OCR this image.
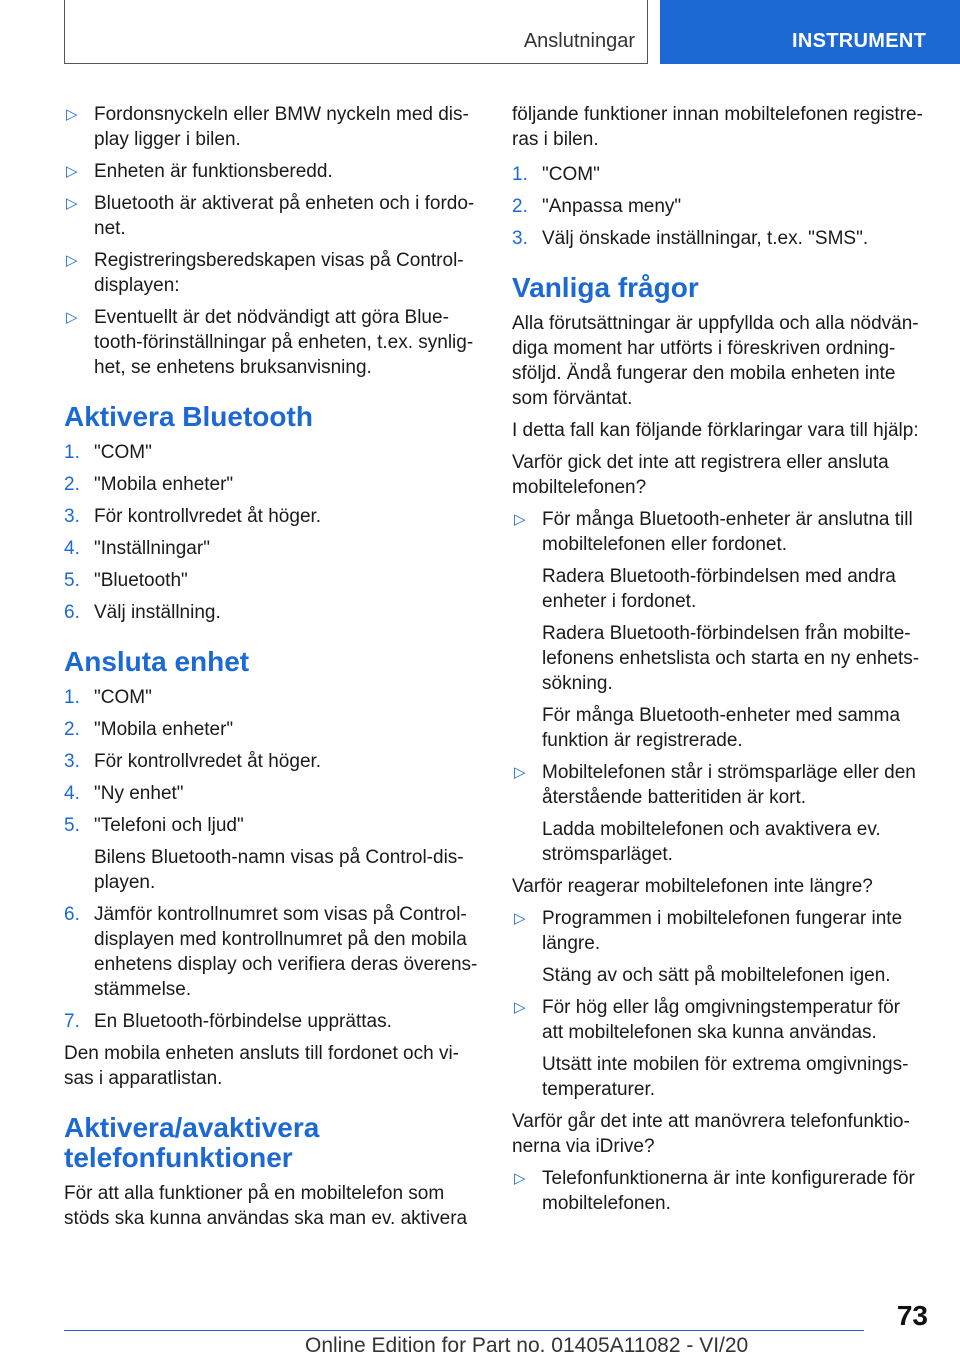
Anslutningar	INSTRUMENT
▷ Fordonsnyckeln eller BMW nyckeln med dis-play ligger i bilen.
▷ Enheten är funktionsberedd.
▷ Bluetooth är aktiverat på enheten och i fordo-net.
▷ Registreringsberedskapen visas på Control-displayen:
▷ Eventuellt är det nödvändigt att göra Blue-tooth-förinställningar på enheten, t.ex. synlig-het, se enhetens bruksanvisning.
Aktivera Bluetooth
1. "COM"
2. "Mobila enheter"
3. För kontrollvredet åt höger.
4. "Inställningar"
5. "Bluetooth"
6. Välj inställning.
Ansluta enhet
1. "COM"
2. "Mobila enheter"
3. För kontrollvredet åt höger.
4. "Ny enhet"
5. "Telefoni och ljud"
Bilens Bluetooth-namn visas på Control-dis-playen.
6. Jämför kontrollnumret som visas på Control-displayen med kontrollnumret på den mobila enhetens display och verifiera deras överens-stämmelse.
7. En Bluetooth-förbindelse upprättas.

Den mobila enheten ansluts till fordonet och vi-sas i apparatlistan.

Aktivera/avaktivera telefonfunktioner

För att alla funktioner på en mobiltelefon som stöds ska kunna användas ska man ev. aktivera

följande funktioner innan mobiltelefonen registre-ras i bilen.

1. "COM"
2. "Anpassa meny"
3. Välj önskade inställningar, t.ex. "SMS".
Vanliga frågor

Alla förutsättningar är uppfyllda och alla nödvän-diga moment har utförts i föreskriven ordning-sföljd. Ändå fungerar den mobila enheten inte som förväntat.

I detta fall kan följande förklaringar vara till hjälp:

Varför gick det inte att registrera eller ansluta mobiltelefonen?

▷ För många Bluetooth-enheter är anslutna till mobiltelefonen eller fordonet.
Radera Bluetooth-förbindelsen med andra enheter i fordonet.
Radera Bluetooth-förbindelsen från mobilte-lefonens enhetslista och starta en ny enhets-sökning.
För många Bluetooth-enheter med samma funktion är registrerade.
▷ Mobiltelefonen står i strömsparläge eller den återstående batteritiden är kort.
Ladda mobiltelefonen och avaktivera ev. strömsparläget.

Varför reagerar mobiltelefonen inte längre?

▷ Programmen i mobiltelefonen fungerar inte längre.
Stäng av och sätt på mobiltelefonen igen.
▷ För hög eller låg omgivningstemperatur för att mobiltelefonen ska kunna användas.
Utsätt inte mobilen för extrema omgivnings-temperaturer.

Varför går det inte att manövrera telefonfunktio-nerna via iDrive?

▷ Telefonfunktionerna är inte konfigurerade för mobiltelefonen.
73
Online Edition for Part no. 01405A11082 - VI/20
